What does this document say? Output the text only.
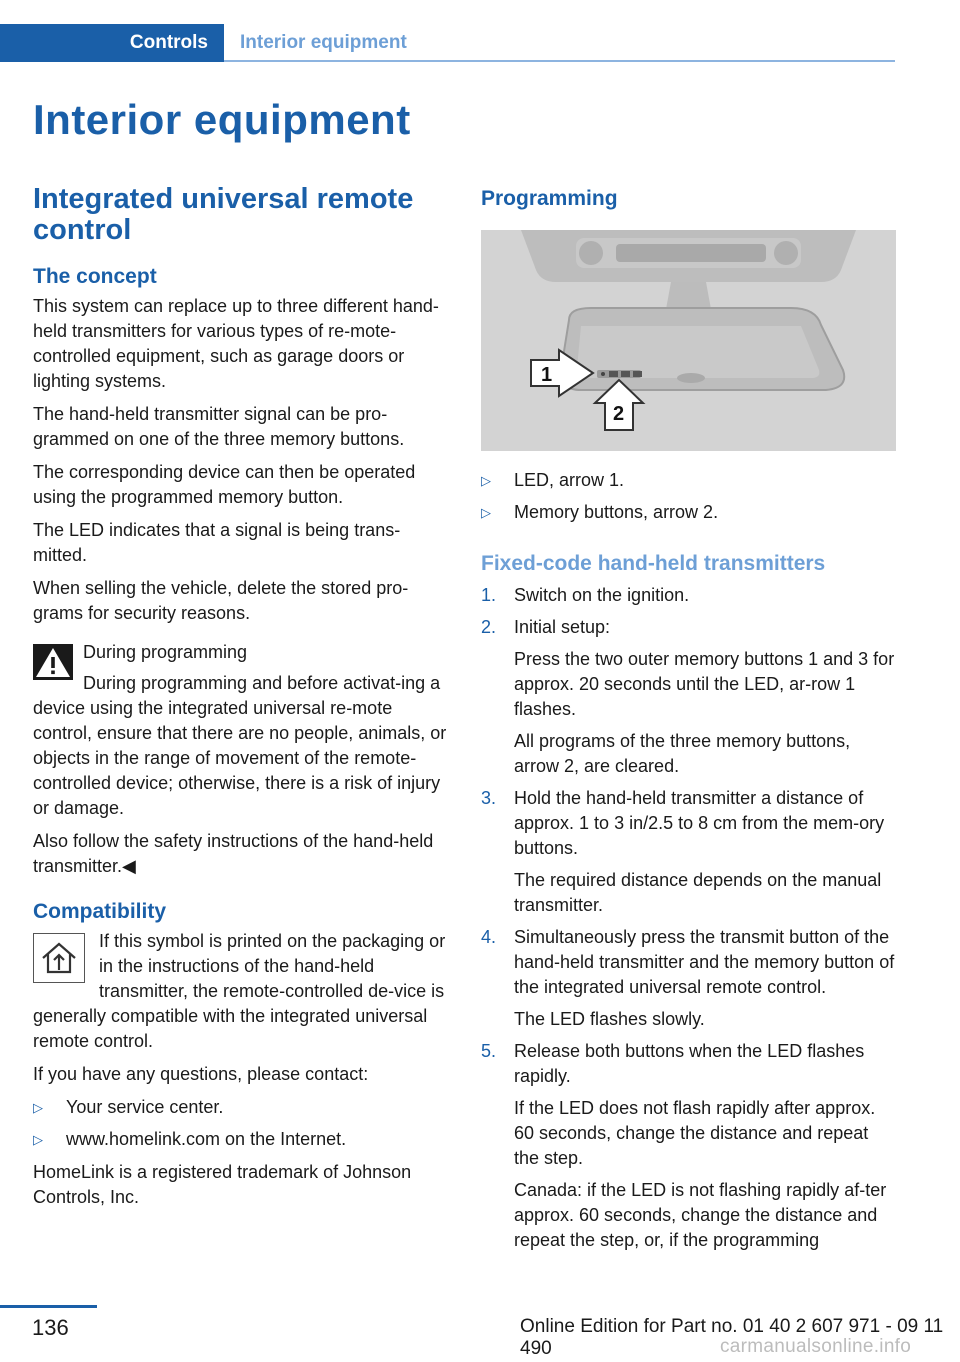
Controls	Interior equipment
Interior equipment
Integrated universal remote control
The concept

This system can replace up to three different hand-held transmitters for various types of re-mote-controlled equipment, such as garage doors or lighting systems.

The hand-held transmitter signal can be pro-grammed on one of the three memory buttons.

The corresponding device can then be operated using the programmed memory button.

The LED indicates that a signal is being trans-mitted.

When selling the vehicle, delete the stored pro-grams for security reasons.

During programming

During programming and before activat-ing a device using the integrated universal re-mote control, ensure that there are no people, animals, or objects in the range of movement of the remote-controlled device; otherwise, there is a risk of injury or damage.

Also follow the safety instructions of the hand-held transmitter.◀

Compatibility

If this symbol is printed on the packaging or in the instructions of the hand-held transmitter, the remote-controlled de-vice is generally compatible with the integrated universal remote control.

If you have any questions, please contact:

▷ Your service center.
▷ www.homelink.com on the Internet.

HomeLink is a registered trademark of Johnson Controls, Inc.

Programming
1
2
▷ LED, arrow 1.
▷ Memory buttons, arrow 2.
Fixed-code hand-held transmitters
1. Switch on the ignition.

2. Initial setup:

Press the two outer memory buttons 1 and 3 for approx. 20 seconds until the LED, ar-row 1 flashes.

All programs of the three memory buttons, arrow 2, are cleared.

3. Hold the hand-held transmitter a distance of approx. 1 to 3 in/2.5 to 8 cm from the mem-ory buttons.

The required distance depends on the manual transmitter.

4. Simultaneously press the transmit button of the hand-held transmitter and the memory button of the integrated universal remote control.

The LED flashes slowly.

5. Release both buttons when the LED flashes rapidly.

If the LED does not flash rapidly after approx. 60 seconds, change the distance and repeat the step.

Canada: if the LED is not flashing rapidly af-ter approx. 60 seconds, change the distance and repeat the step, or, if the programming

136	Online Edition for Part no. 01 40 2 607 971 - 09 11 490	carmanualsonline.info
